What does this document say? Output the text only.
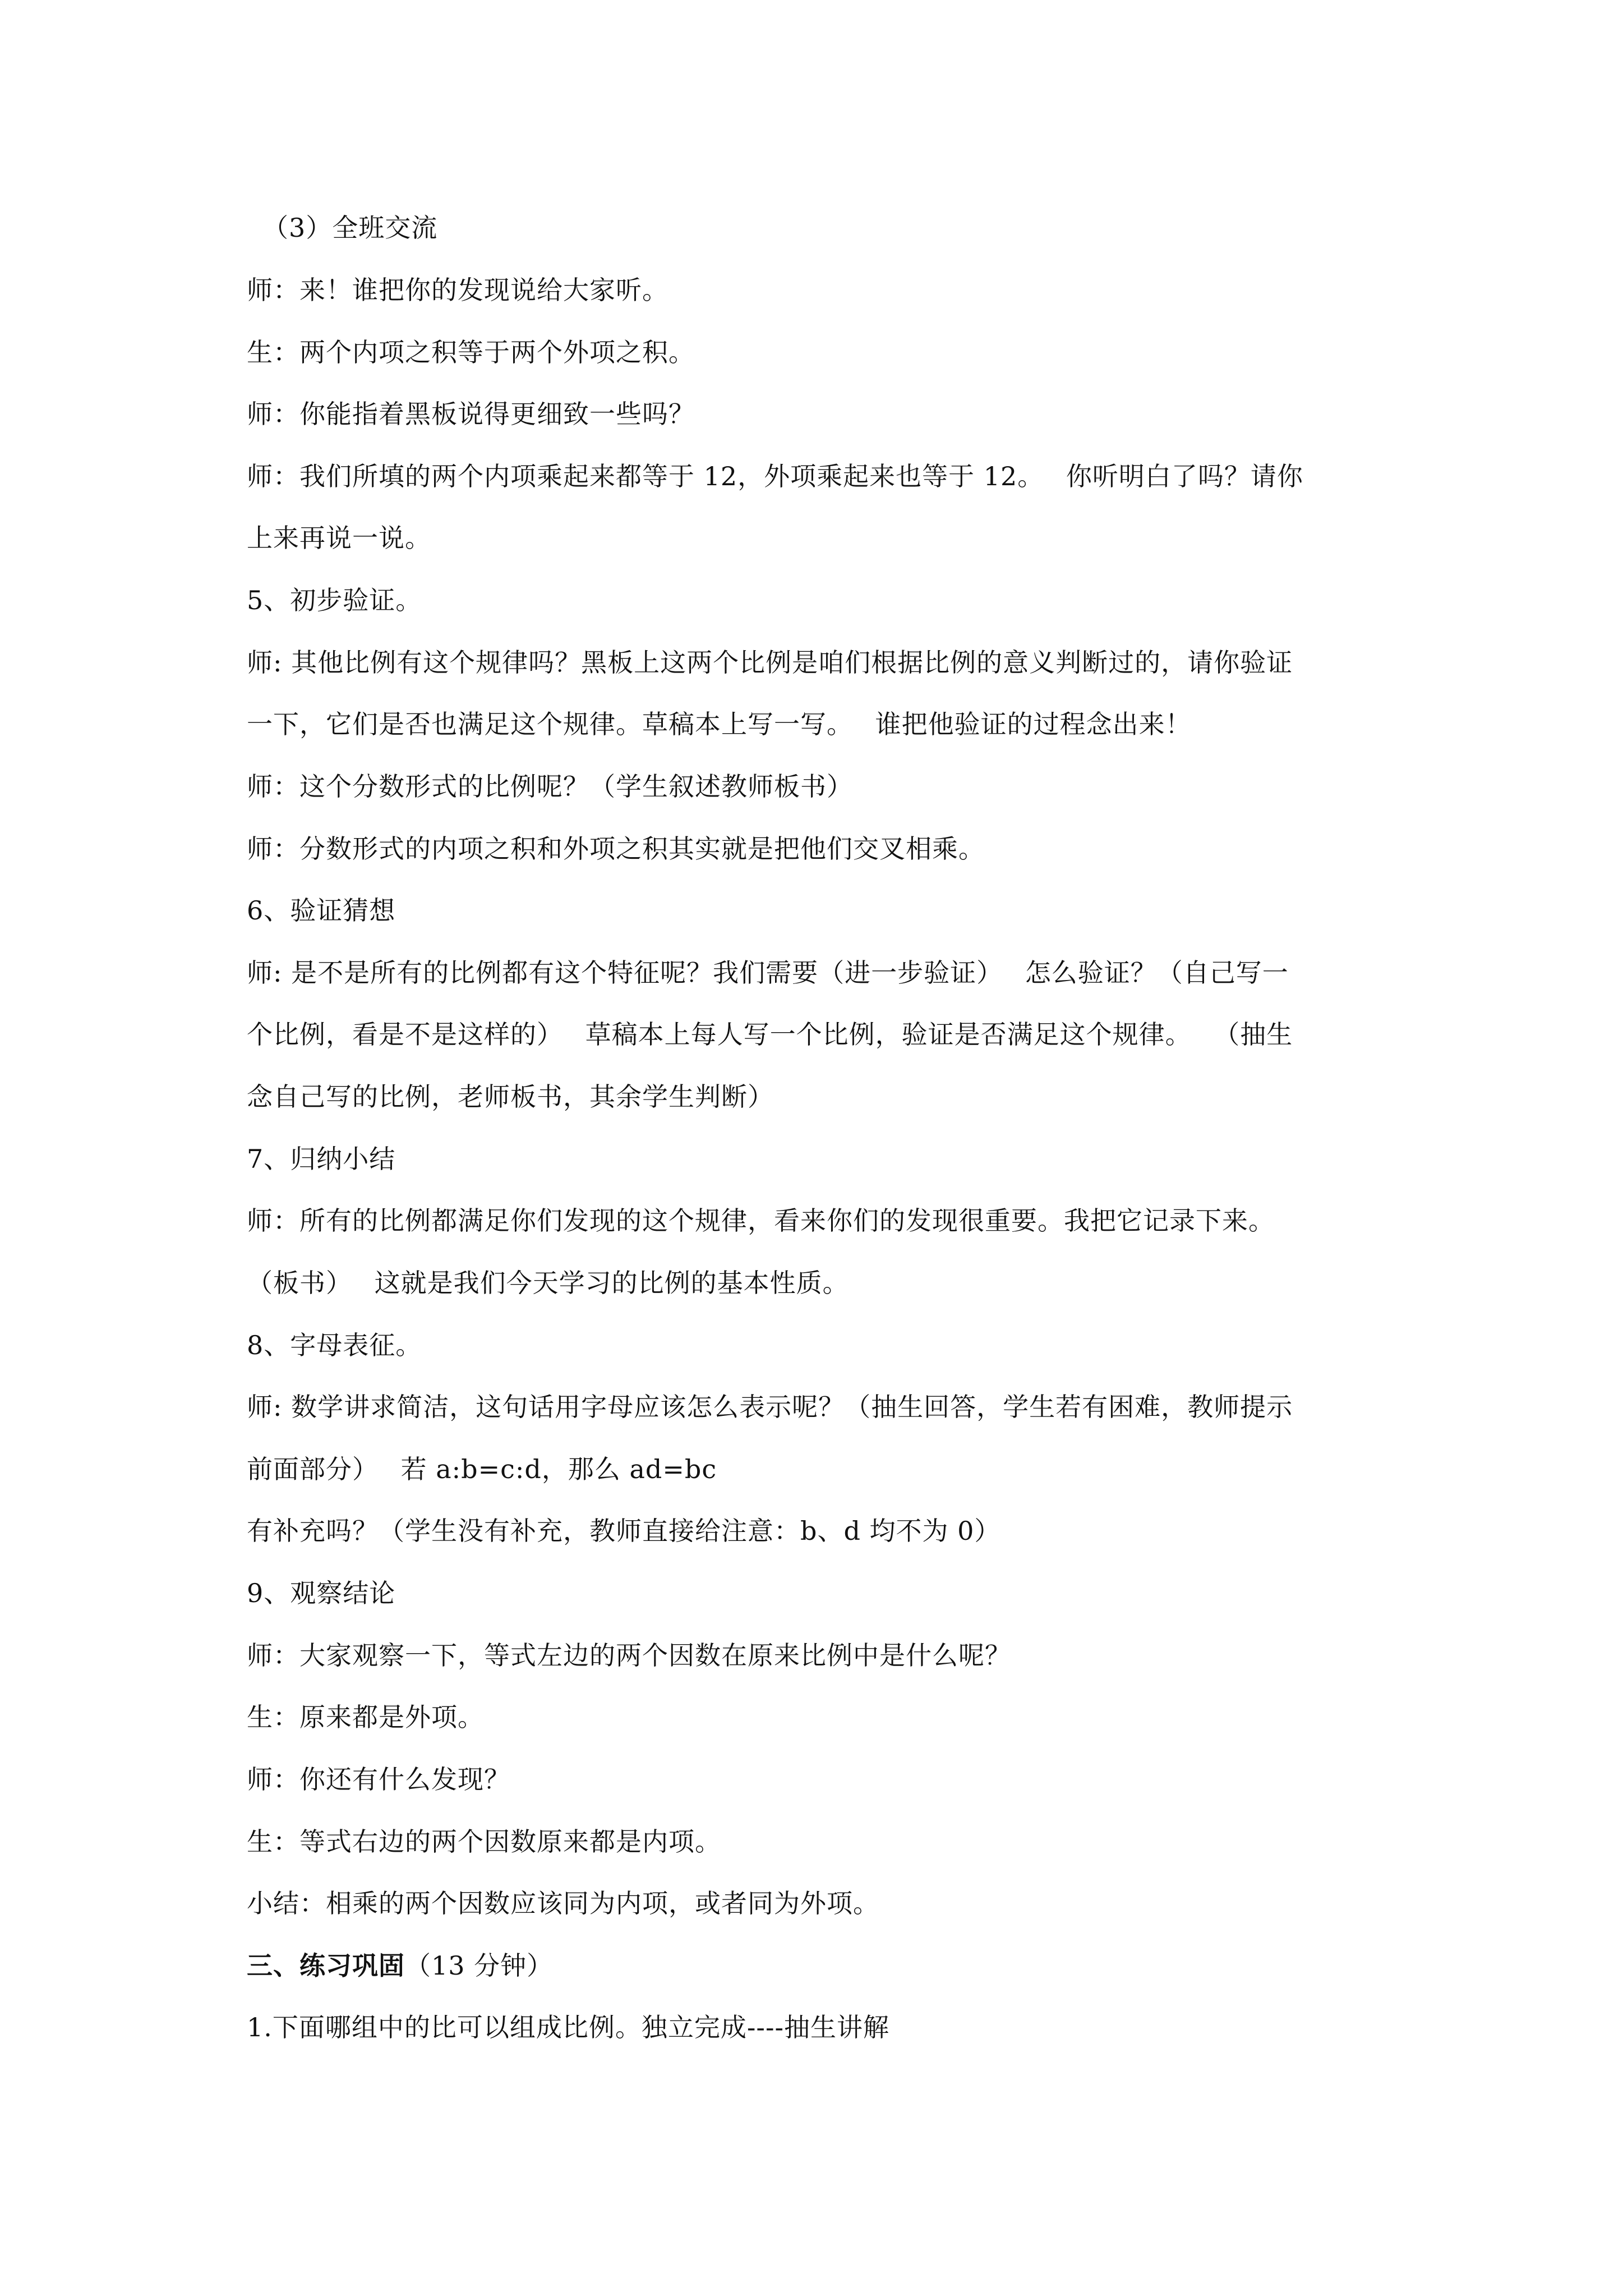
（3）全班交流
师：来！谁把你的发现说给大家听。
生：两个内项之积等于两个外项之积。
师：你能指着黑板说得更细致一些吗？
师：我们所填的两个内项乘起来都等于 12，外项乘起来也等于 12。　 你听明白了吗？请你
上来再说一说。
5、初步验证。
师: 其他比例有这个规律吗？黑板上这两个比例是咱们根据比例的意义判断过的，请你验证
一下，它们是否也满足这个规律。草稿本上写一写。　 谁把他验证的过程念出来！
师：这个分数形式的比例呢？（学生叙述教师板书）
师：分数形式的内项之积和外项之积其实就是把他们交叉相乘。
6、验证猜想
师: 是不是所有的比例都有这个特征呢？我们需要（进一步验证）　 怎么验证？（自己写一
个比例，看是不是这样的）　 草稿本上每人写一个比例，验证是否满足这个规律。　 （抽生
念自己写的比例，老师板书，其余学生判断）
7、归纳小结
师：所有的比例都满足你们发现的这个规律，看来你们的发现很重要。我把它记录下来。
（板书）　 这就是我们今天学习的比例的基本性质。
8、字母表征。
师: 数学讲求简洁，这句话用字母应该怎么表示呢？（抽生回答，学生若有困难，教师提示
前面部分）　 若 a:b=c:d，那么 ad=bc
有补充吗？（学生没有补充，教师直接给注意：b、d 均不为 0）
9、观察结论
师：大家观察一下，等式左边的两个因数在原来比例中是什么呢？
生：原来都是外项。
师：你还有什么发现？
生：等式右边的两个因数原来都是内项。
小结：相乘的两个因数应该同为内项，或者同为外项。
三、练习巩固（13 分钟）
1.下面哪组中的比可以组成比例。独立完成----抽生讲解
